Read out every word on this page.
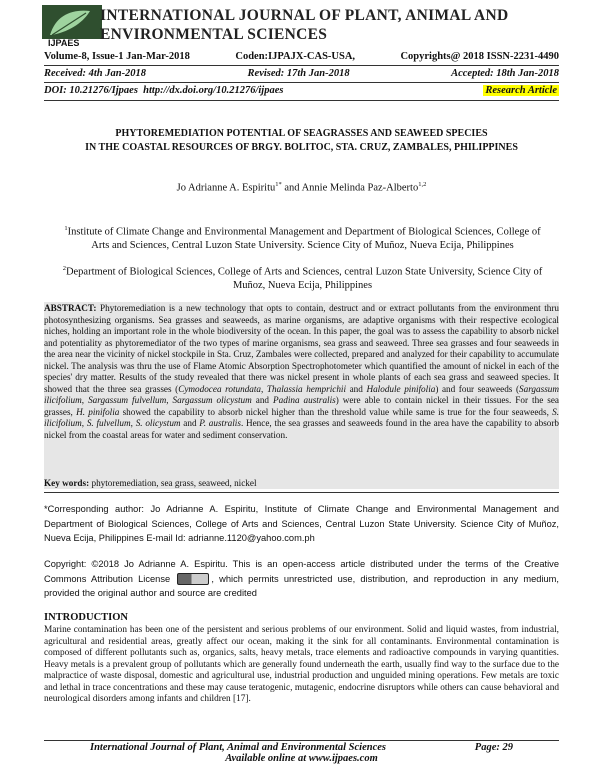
IJPAES
INTERNATIONAL JOURNAL OF PLANT, ANIMAL AND
ENVIRONMENTAL SCIENCES
Volume-8, Issue-1 Jan-Mar-2018	Coden:IJPAJX-CAS-USA,	Copyrights@ 2018 ISSN-2231-4490
Received: 4th Jan-2018	Revised: 17th Jan-2018	Accepted: 18th Jan-2018
DOI: 10.21276/Ijpaes http://dx.doi.org/10.21276/ijpaes	Research Article
PHYTOREMEDIATION POTENTIAL OF SEAGRASSES AND SEAWEED SPECIES
IN THE COASTAL RESOURCES OF BRGY. BOLITOC, STA. CRUZ, ZAMBALES, PHILIPPINES
Jo Adrianne A. Espiritu$^{1*}$ and Annie Melinda Paz-Alberto$^{1,2}$
$^1$Institute of Climate Change and Environmental Management and Department of Biological Sciences, College of Arts and Sciences, Central Luzon State University. Science City of Muñoz, Nueva Ecija, Philippines
$^2$Department of Biological Sciences, College of Arts and Sciences, central Luzon State University, Science City of Muñoz, Nueva Ecija, Philippines
ABSTRACT: Phytoremediation is a new technology that opts to contain, destruct and or extract pollutants from the environment thru photosynthesizing organisms. Sea grasses and seaweeds, as marine organisms, are adaptive organisms with their respective ecological niches, holding an important role in the whole biodiversity of the ocean. In this paper, the goal was to assess the capability to absorb nickel and potentiality as phytoremediator of the two types of marine organisms, sea grass and seaweed. Three sea grasses and four seaweeds in the area near the vicinity of nickel stockpile in Sta. Cruz, Zambales were collected, prepared and analyzed for their capability to accumulate nickel. The analysis was thru the use of Flame Atomic Absorption Spectrophotometer which quantified the amount of nickel in each of the species' dry matter. Results of the study revealed that there was nickel present in whole plants of each sea grass and seaweed species. It showed that the three sea grasses (Cymodocea rotundata, Thalassia hemprichii and Halodule pinifolia) and four seaweeds (Sargassum ilicifolium, Sargassum fulvellum, Sargassum olicystum and Padina australis) were able to contain nickel in their tissues. For the sea grasses, H. pinifolia showed the capability to absorb nickel higher than the threshold value while same is true for the four seaweeds, S. ilicifolium, S. fulvellum, S. olicystum and P. australis. Hence, the sea grasses and seaweeds found in the area have the capability to absorb nickel from the coastal areas for water and sediment conservation.
Key words: phytoremediation, sea grass, seaweed, nickel
*Corresponding author: Jo Adrianne A. Espiritu, Institute of Climate Change and Environmental Management and Department of Biological Sciences, College of Arts and Sciences, Central Luzon State University. Science City of Muñoz, Nueva Ecija, Philippines E-mail Id: adrianne.1120@yahoo.com.ph
Copyright: ©2018 Jo Adrianne A. Espiritu. This is an open-access article distributed under the terms of the Creative Commons Attribution License	, which permits unrestricted use, distribution, and reproduction in any medium, provided the original author and source are credited
INTRODUCTION
Marine contamination has been one of the persistent and serious problems of our environment. Solid and liquid wastes, from industrial, agricultural and residential areas, greatly affect our ocean, making it the sink for all contaminants. Environmental contamination is composed of different pollutants such as, organics, salts, heavy metals, trace elements and radioactive compounds in varying quantities. Heavy metals is a prevalent group of pollutants which are generally found underneath the earth, usually find way to the surface due to the malpractice of waste disposal, domestic and agricultural use, industrial production and unguided mining operations. Few metals are toxic and lethal in trace concentrations and these may cause teratogenic, mutagenic, endocrine disruptors while others can cause behavioral and neurological disorders among infants and children [17].
International Journal of Plant, Animal and Environmental Sciences	Page: 29
Available online at www.ijpaes.com
